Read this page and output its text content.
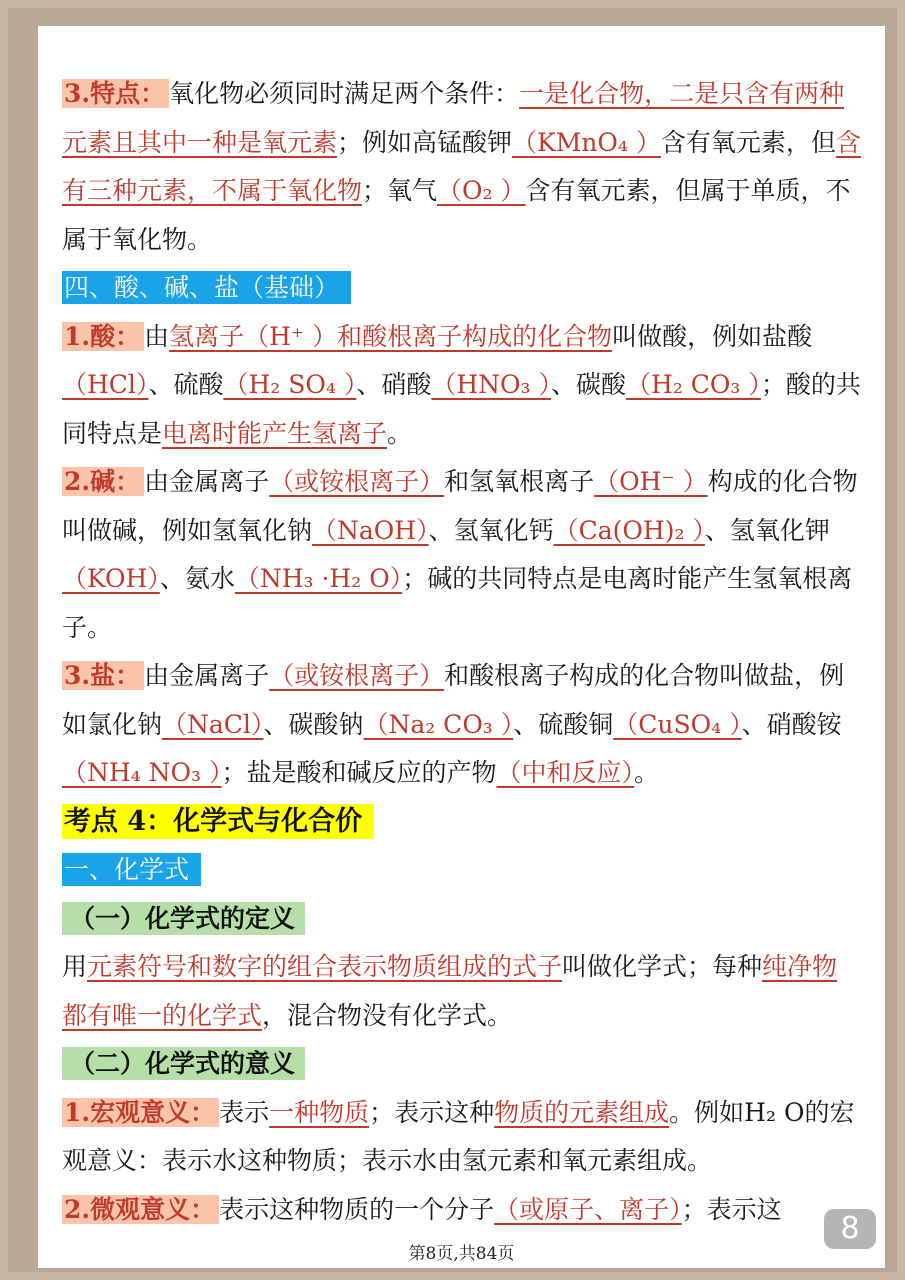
3.特点： 氧化物必须同时满足两个条件：一是化合物，二是只含有两种元素且其中一种是氧元素；例如高锰酸钾（KMnO₄ ）含有氧元素，但含有三种元素，不属于氧化物；氧气（O₂ ）含有氧元素，但属于单质，不属于氧化物。

四、酸、碱、盐（基础）

1.酸： 由氢离子（H⁺ ）和酸根离子构成的化合物叫做酸，例如盐酸（HCl）、硫酸（H₂ SO₄ ）、硝酸（HNO₃ ）、碳酸（H₂ CO₃ ）；酸的共同特点是电离时能产生氢离子。

2.碱： 由金属离子（或铵根离子）和氢氧根离子（OH⁻ ）构成的化合物叫做碱，例如氢氧化钠（NaOH）、氢氧化钙（Ca(OH)₂ ）、氢氧化钾（KOH）、氨水（NH₃ ·H₂ O）；碱的共同特点是电离时能产生氢氧根离子。

3.盐： 由金属离子（或铵根离子）和酸根离子构成的化合物叫做盐，例如氯化钠（NaCl）、碳酸钠（Na₂ CO₃ ）、硫酸铜（CuSO₄ ）、硝酸铵（NH₄ NO₃ ）；盐是酸和碱反应的产物（中和反应）。

考点 4：化学式与化合价

一、化学式

（一）化学式的定义

用元素符号和数字的组合表示物质组成的式子叫做化学式；每种纯净物都有唯一的化学式，混合物没有化学式。

（二）化学式的意义

1.宏观意义： 表示一种物质；表示这种物质的元素组成。例如H₂ O的宏观意义：表示水这种物质；表示水由氢元素和氧元素组成。

2.微观意义： 表示这种物质的一个分子（或原子、离子）；表示这

8
第8页,共84页
